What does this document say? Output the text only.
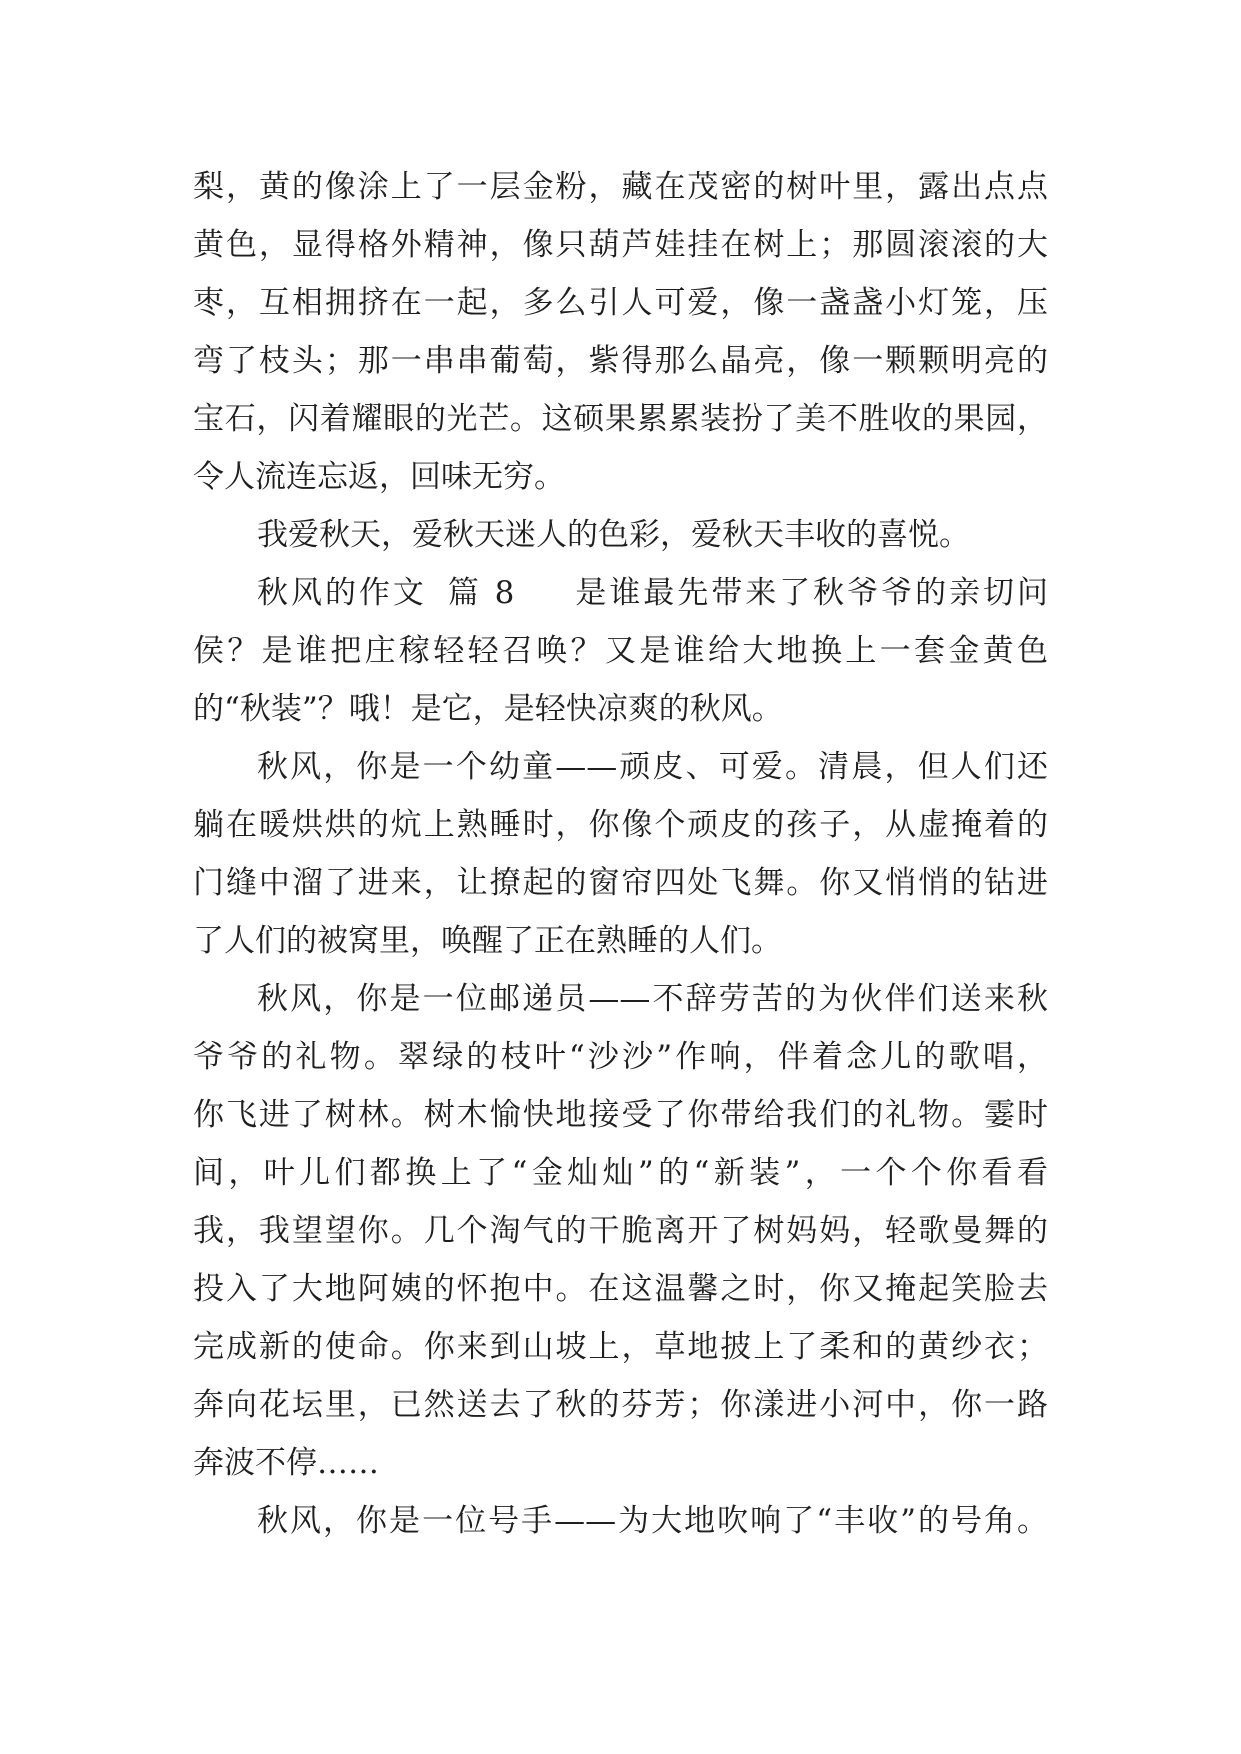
梨，黄的像涂上了一层金粉，藏在茂密的树叶里，露出点点
黄色，显得格外精神，像只葫芦娃挂在树上；那圆滚滚的大
枣，互相拥挤在一起，多么引人可爱，像一盏盏小灯笼，压
弯了枝头；那一串串葡萄，紫得那么晶亮，像一颗颗明亮的
宝石，闪着耀眼的光芒。这硕果累累装扮了美不胜收的果园，
令人流连忘返，回味无穷。
我爱秋天，爱秋天迷人的色彩，爱秋天丰收的喜悦。
秋风的作文 篇 8 是谁最先带来了秋爷爷的亲切问
侯？是谁把庄稼轻轻召唤？又是谁给大地换上一套金黄色
的“秋装”？哦！是它，是轻快凉爽的秋风。
秋风，你是一个幼童——顽皮、可爱。清晨，但人们还
躺在暖烘烘的炕上熟睡时，你像个顽皮的孩子，从虚掩着的
门缝中溜了进来，让撩起的窗帘四处飞舞。你又悄悄的钻进
了人们的被窝里，唤醒了正在熟睡的人们。
秋风，你是一位邮递员——不辞劳苦的为伙伴们送来秋
爷爷的礼物。翠绿的枝叶“沙沙”作响，伴着念儿的歌唱，
你飞进了树林。树木愉快地接受了你带给我们的礼物。霎时
间，叶儿们都换上了“金灿灿”的“新装”，一个个你看看
我，我望望你。几个淘气的干脆离开了树妈妈，轻歌曼舞的
投入了大地阿姨的怀抱中。在这温馨之时，你又掩起笑脸去
完成新的使命。你来到山坡上，草地披上了柔和的黄纱衣；
奔向花坛里，已然送去了秋的芬芳；你漾进小河中，你一路
奔波不停……
秋风，你是一位号手——为大地吹响了“丰收”的号角。
